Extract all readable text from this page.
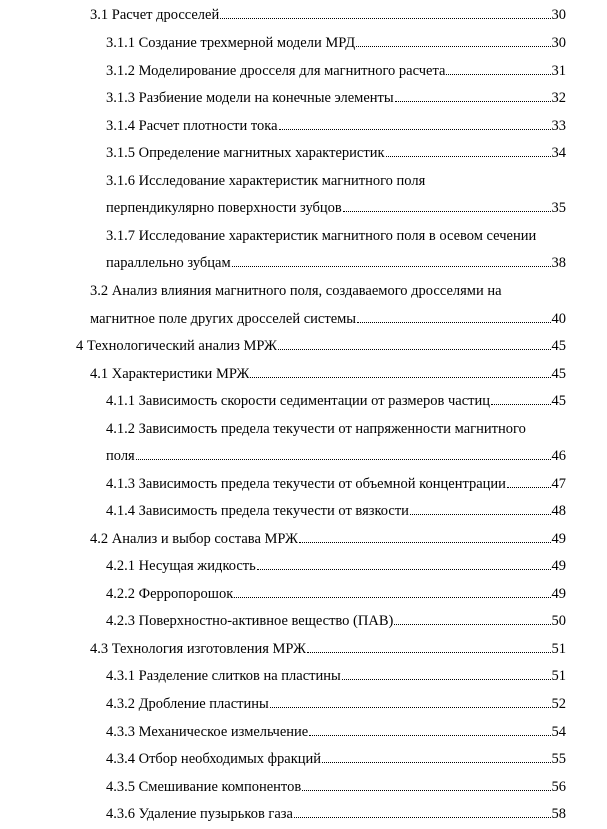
3.1 Расчет дросселей	30
3.1.1 Создание трехмерной модели МРД	30
3.1.2 Моделирование дросселя для магнитного расчета	31
3.1.3 Разбиение модели на конечные элементы	32
3.1.4 Расчет плотности тока	33
3.1.5 Определение магнитных характеристик	34
3.1.6 Исследование характеристик магнитного поля
перпендикулярно поверхности зубцов	35
3.1.7 Исследование характеристик магнитного поля в осевом сечении
параллельно зубцам	38
3.2 Анализ влияния магнитного поля, создаваемого дросселями на
магнитное поле других дросселей системы	40
4 Технологический анализ МРЖ	45
4.1 Характеристики МРЖ	45
4.1.1 Зависимость скорости седиментации от размеров частиц	45
4.1.2 Зависимость предела текучести от напряженности магнитного
поля	46
4.1.3 Зависимость предела текучести от объемной концентрации	47
4.1.4 Зависимость предела текучести от вязкости	48
4.2 Анализ и выбор состава МРЖ	49
4.2.1 Несущая жидкость	49
4.2.2 Ферропорошок	49
4.2.3 Поверхностно-активное вещество (ПАВ)	50
4.3 Технология изготовления МРЖ	51
4.3.1 Разделение слитков на пластины	51
4.3.2 Дробление пластины	52
4.3.3 Механическое измельчение	54
4.3.4 Отбор необходимых фракций	55
4.3.5 Смешивание компонентов	56
4.3.6 Удаление пузырьков газа	58
